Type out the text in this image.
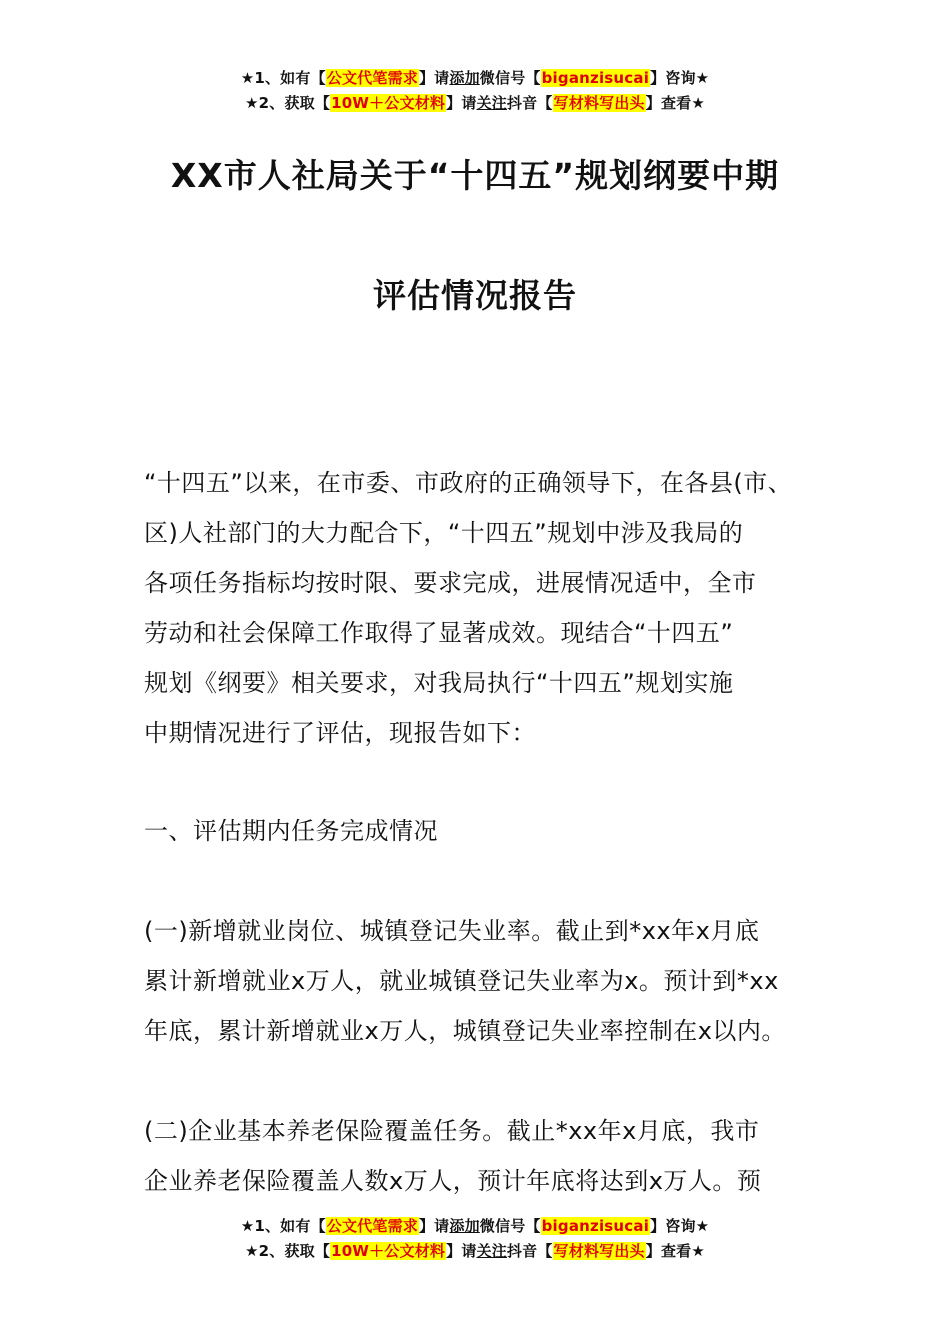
★1、如有【公文代笔需求】请添加微信号【biganzisucai】咨询★
★2、获取【10W＋公文材料】请关注抖音【写材料写出头】查看★
XX市人社局关于“十四五”规划纲要中期
评估情况报告
“十四五”以来，在市委、市政府的正确领导下，在各县(市、
区)人社部门的大力配合下，“十四五”规划中涉及我局的
各项任务指标均按时限、要求完成，进展情况适中，全市
劳动和社会保障工作取得了显著成效。现结合“十四五”
规划《纲要》相关要求，对我局执行“十四五”规划实施
中期情况进行了评估，现报告如下：
一、评估期内任务完成情况
(一)新增就业岗位、城镇登记失业率。截止到*xx年x月底
累计新增就业x万人，就业城镇登记失业率为x。预计到*xx
年底，累计新增就业x万人，城镇登记失业率控制在x以内。
(二)企业基本养老保险覆盖任务。截止*xx年x月底，我市
企业养老保险覆盖人数x万人，预计年底将达到x万人。预
★1、如有【公文代笔需求】请添加微信号【biganzisucai】咨询★
★2、获取【10W＋公文材料】请关注抖音【写材料写出头】查看★
